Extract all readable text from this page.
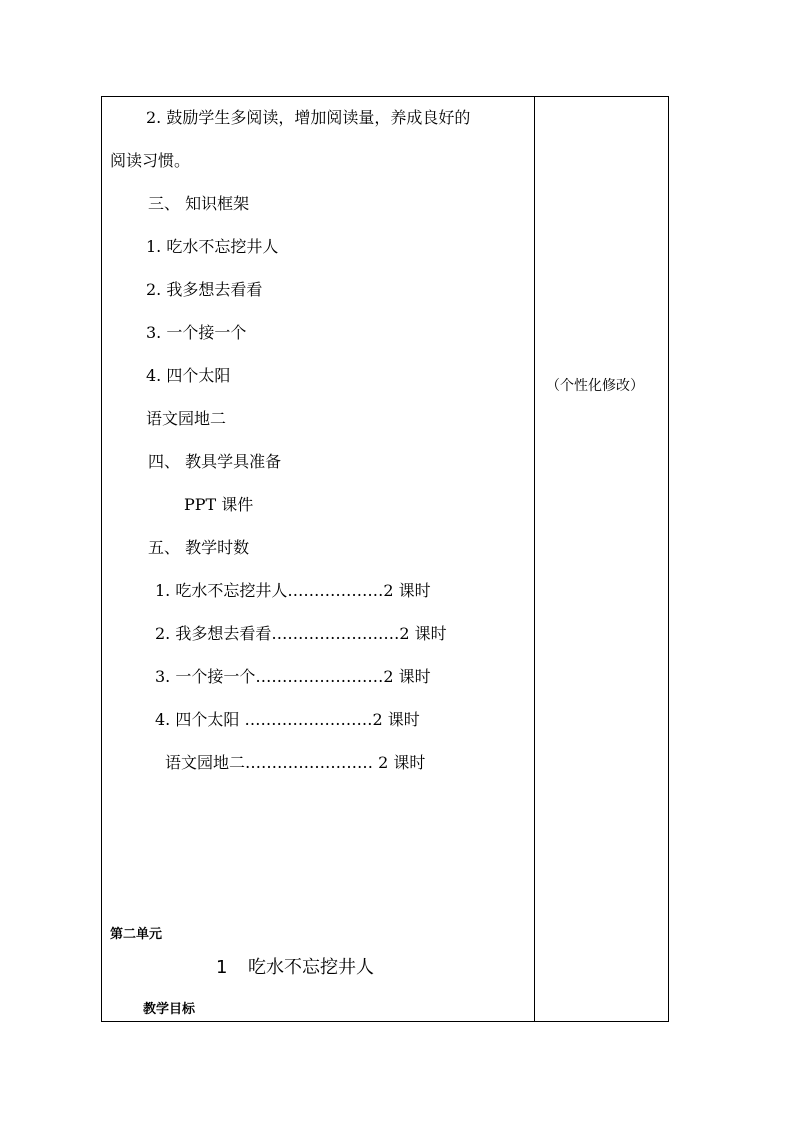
2. 鼓励学生多阅读，增加阅读量，养成良好的
阅读习惯。
三、 知识框架
1. 吃水不忘挖井人
2. 我多想去看看
3. 一个接一个
4. 四个太阳
语文园地二
四、 教具学具准备
PPT 课件
五、 教学时数
1. 吃水不忘挖井人………………2 课时
2. 我多想去看看……………………2 课时
3. 一个接一个……………………2 课时
4. 四个太阳 ……………………2 课时
语文园地二…………………… 2 课时
（个性化修改）
第二单元
1 吃水不忘挖井人
教学目标
